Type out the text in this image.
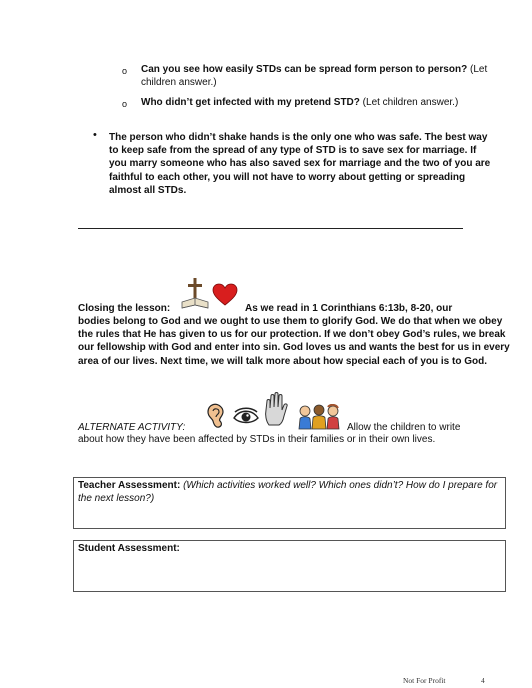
o Can you see how easily STDs can be spread form person to person? (Let children answer.)
o Who didn’t get infected with my pretend STD? (Let children answer.)
• The person who didn’t shake hands is the only one who was safe. The best way to keep safe from the spread of any type of STD is to save sex for marriage. If you marry someone who has also saved sex for marriage and the two of you are faithful to each other, you will not have to worry about getting or spreading almost all STDs.
Closing the lesson:	As we read in 1 Corinthians 6:13b, 8-20, our
bodies belong to God and we ought to use them to glorify God. We do that when we obey the rules that He has given to us for our protection. If we don’t obey God’s rules, we break our fellowship with God and enter into sin. God loves us and wants the best for us in every area of our lives. Next time, we will talk more about how special each of you is to God.
ALTERNATE ACTIVITY:	Allow the children to write
about how they have been affected by STDs in their families or in their own lives.
Teacher Assessment: (Which activities worked well? Which ones didn’t? How do I prepare for the next lesson?)
Student Assessment:
Not For Profit	4
